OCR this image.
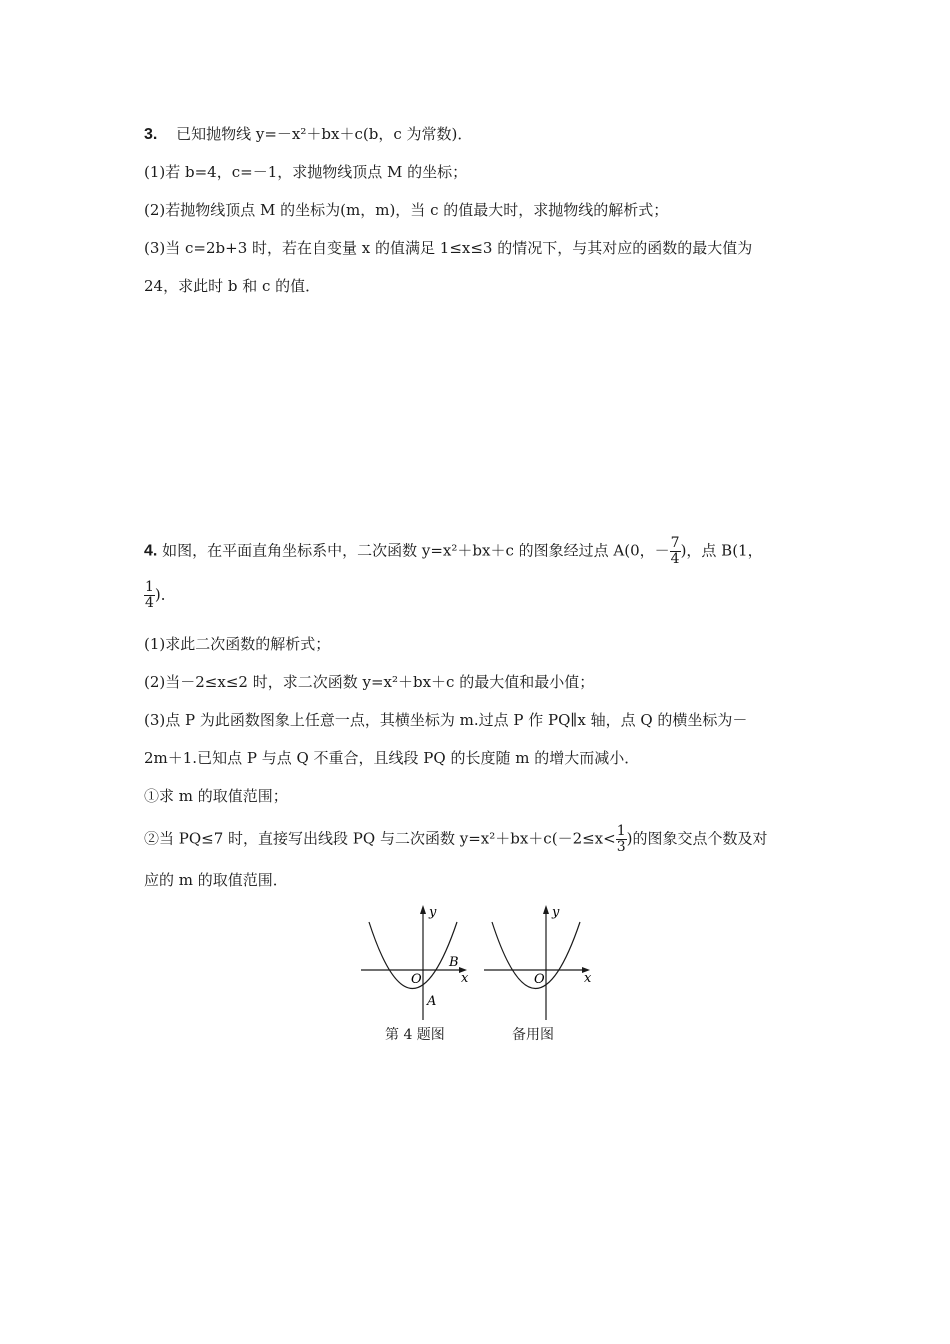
3. 已知抛物线 y=－x²＋bx＋c(b，c 为常数)．
(1)若 b=4，c=－1，求抛物线顶点 M 的坐标；
(2)若抛物线顶点 M 的坐标为(m，m)，当 c 的值最大时，求抛物线的解析式；
(3)当 c=2b+3 时，若在自变量 x 的值满足 1≤x≤3 的情况下，与其对应的函数的最大值为
24，求此时 b 和 c 的值．
4. 如图，在平面直角坐标系中，二次函数 y=x²＋bx＋c 的图象经过点 A(0，－ $\frac{7}{4}$ )，点 B(1，
$\frac{1}{4}$ )．
(1)求此二次函数的解析式；
(2)当－2≤x≤2 时，求二次函数 y=x²＋bx＋c 的最大值和最小值；
(3)点 P 为此函数图象上任意一点，其横坐标为 m.过点 P 作 PQ∥x 轴，点 Q 的横坐标为－
2m＋1.已知点 P 与点 Q 不重合，且线段 PQ 的长度随 m 的增大而减小．
①求 m 的取值范围；
②当 PQ≤7 时，直接写出线段 PQ 与二次函数 $y=x^2+bx+c(-2\le x< \frac{1}{3}$ )的图象交点个数及对
应的 m 的取值范围．
y
x
O
A
B
第 4 题图
y
x
O
备用图
